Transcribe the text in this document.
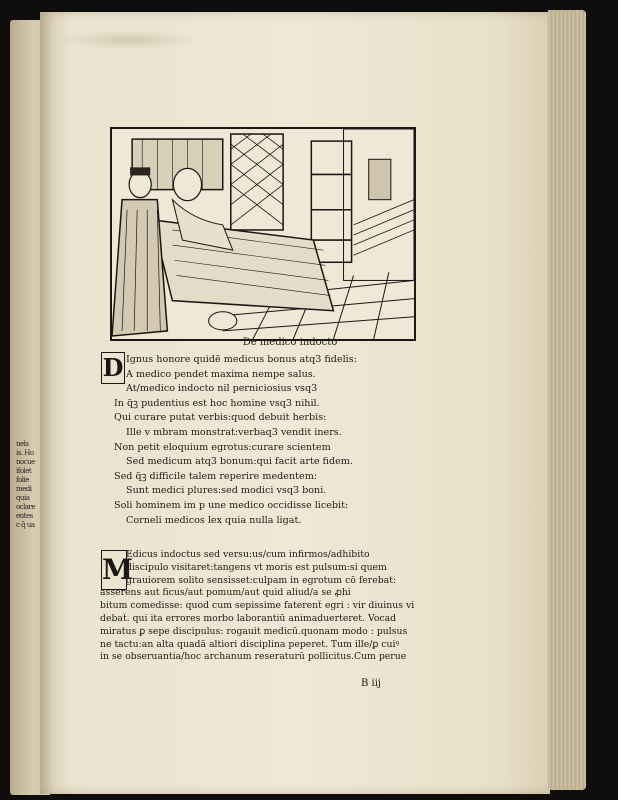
nels
is. Ho
nocue
ifolet
folie
medi
quia
oclare
entes
c q̃ ua
D
M
De medico indocto
Ignus honore quidē medicus bonus atq3 fidelis:
A medico pendet maxima nempe salus.
At/medico indocto nil perniciosius vsq3
In q̃ꝫ pudentius est hoc homine vsq3 nihil.
Qui curare putat verbis:quod debuit herbis:
Ille v mbram monstrat:verbaq3 vendit iners.
Non petit eloquium egrotus:curare scientem
Sed medicum atq3 bonum:qui facit arte fidem.
Sed q̃ꝫ difficile talem reperire medentem:
Sunt medici plures:sed modici vsq3 boni.
Soli hominem im p une medico occidisse licebit:
Corneli medicos lex quia nulla ligat.
Edicus indoctus sed versu:us/cum infirmos/adhibito
discipulo visitaret:tangens vt moris est pulsum:si quem
grauiorem solito sensisset:culpam in egrotum cō ferebat:
asserens aut ficus/aut pomum/aut quid aliud/a se ꝓhi
bitum comedisse: quod cum sepissime faterenẗ egri : vir diuinus vi
debaẗ. qui ita errores morbo laborantiū animaduerteret. Vocad
miratus ꝑ sepe discipulus: rogauit medicū.quonam modo : pulsus
ne tactu:an alta quadā altiori disciplina peperet. Tum ille/ꝑ cuiꝰ
in se obseruantia/hoc archanum reseraturū pollicitus.Cum perue
B iij
